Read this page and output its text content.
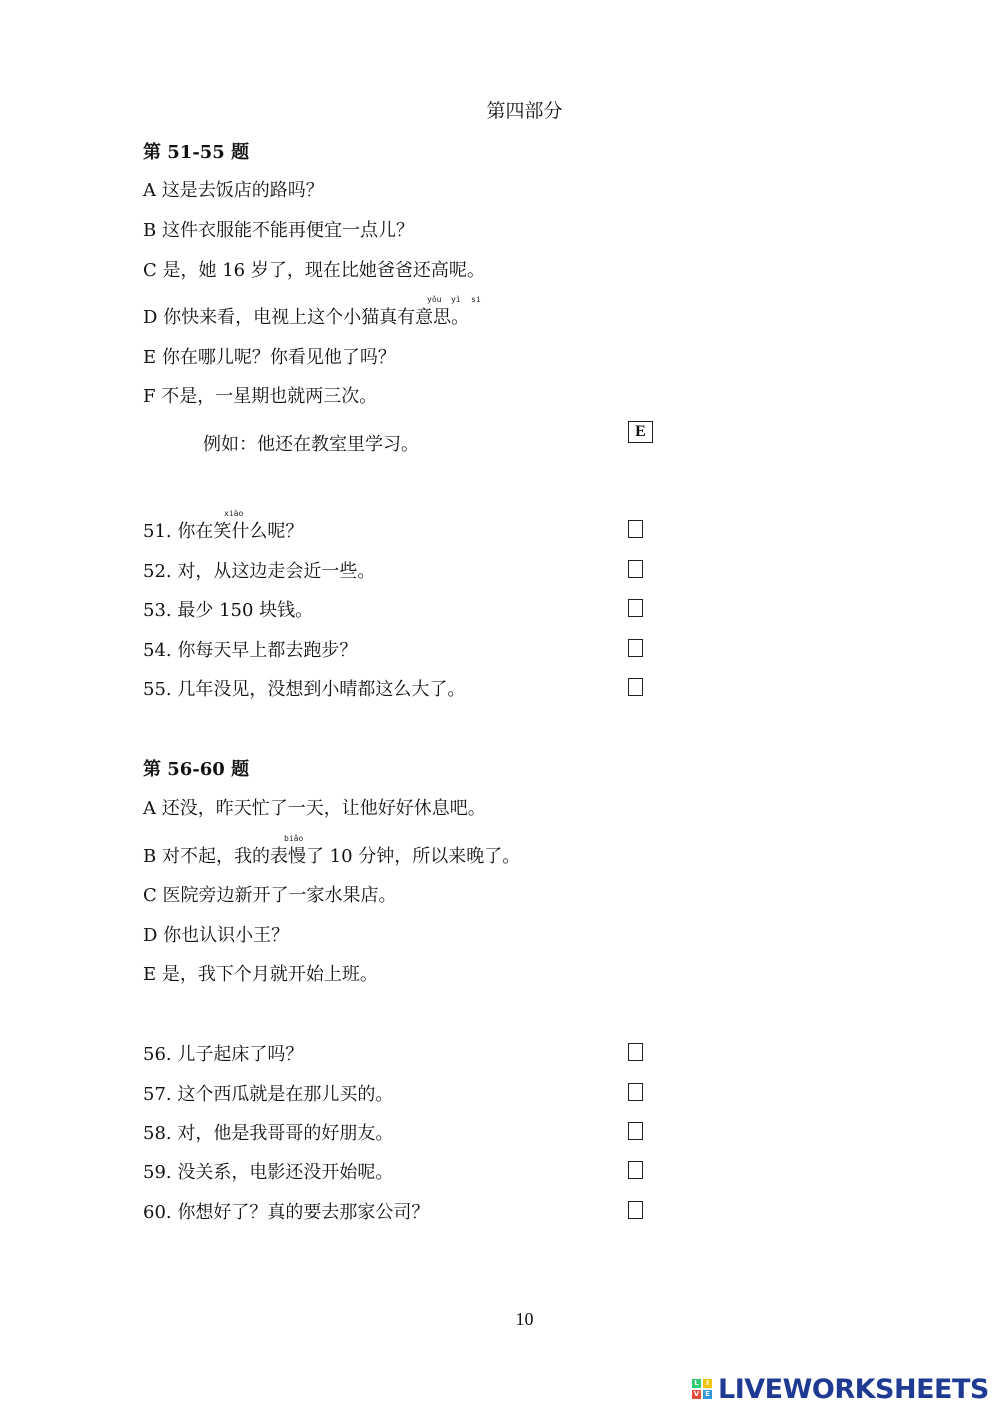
第四部分
第 51-55 题
A 这是去饭店的路吗？
B 这件衣服能不能再便宜一点儿？
C 是，她 16 岁了，现在比她爸爸还高呢。
yǒu yì si
D 你快来看，电视上这个小猫真有意思。
E 你在哪儿呢？你看见他了吗？
F 不是，一星期也就两三次。
例如：他还在教室里学习。
E
xiào
51. 你在笑什么呢？
52. 对，从这边走会近一些。
53. 最少 150 块钱。
54. 你每天早上都去跑步？
55. 几年没见，没想到小晴都这么大了。
第 56-60 题
A 还没，昨天忙了一天，让他好好休息吧。
biǎo
B 对不起，我的表慢了 10 分钟，所以来晚了。
C 医院旁边新开了一家水果店。
D 你也认识小王？
E 是，我下个月就开始上班。
56. 儿子起床了吗？
57. 这个西瓜就是在那儿买的。
58. 对，他是我哥哥的好朋友。
59. 没关系，电影还没开始呢。
60. 你想好了？真的要去那家公司？
10
L	I
V E LIVEWORKSHEETS
